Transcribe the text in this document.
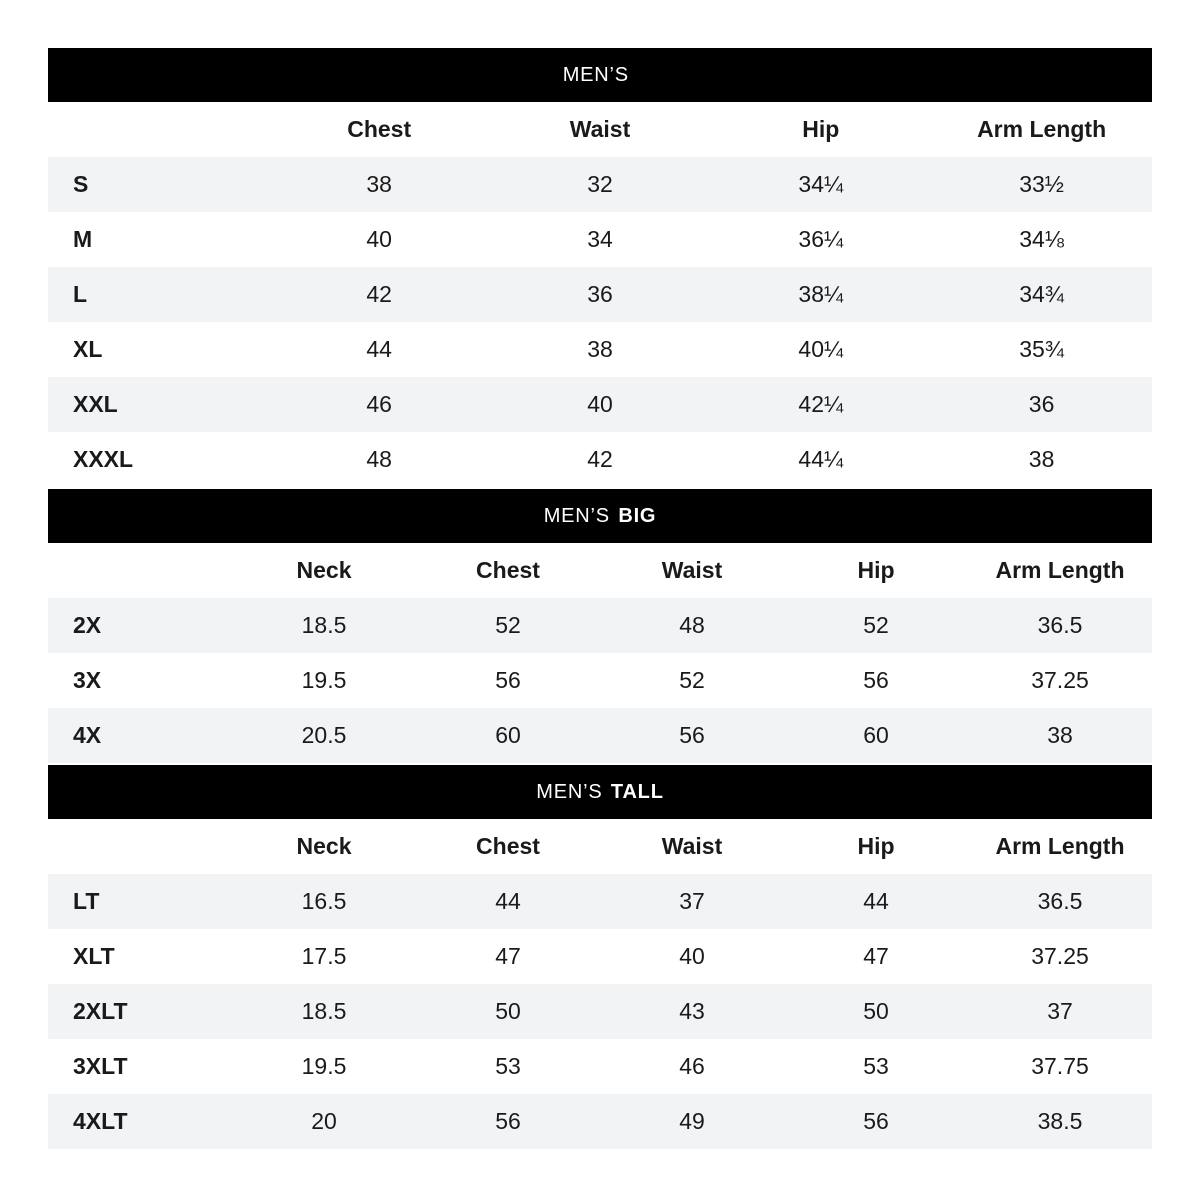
MEN’S
Chest	Waist	Hip	Arm Length
S	38	32	34¼	33½
M	40	34	36¼	34⅛
L	42	36	38¼	34¾
XL	44	38	40¼	35¾
XXL	46	40	42¼	36
XXXL	48	42	44¼	38
MEN’S BIG
Neck	Chest	Waist	Hip	Arm Length
2X	18.5	52	48	52	36.5
3X	19.5	56	52	56	37.25
4X	20.5	60	56	60	38
MEN’S TALL
Neck	Chest	Waist	Hip	Arm Length
LT	16.5	44	37	44	36.5
XLT	17.5	47	40	47	37.25
2XLT	18.5	50	43	50	37
3XLT	19.5	53	46	53	37.75
4XLT	20	56	49	56	38.5
